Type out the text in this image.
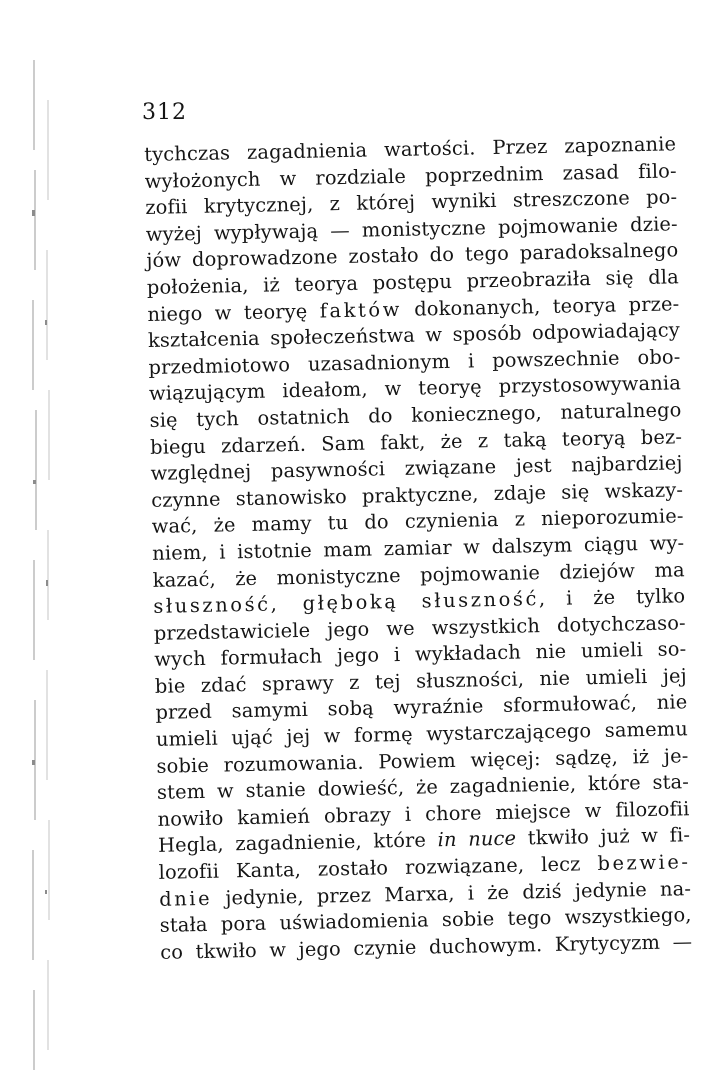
312
tychczas zagadnienia wartości. Przez zapoznanie
wyłożonych w rozdziale poprzednim zasad filo-
zofii krytycznej, z której wyniki streszczone po-
wyżej wypływają — monistyczne pojmowanie dzie-
jów doprowadzone zostało do tego paradoksalnego
położenia, iż teorya postępu przeobraziła się dla
niego w teoryę faktów dokonanych, teorya prze-
kształcenia społeczeństwa w sposób odpowiadający
przedmiotowo uzasadnionym i powszechnie obo-
wiązującym ideałom, w teoryę przystosowywania
się tych ostatnich do koniecznego, naturalnego
biegu zdarzeń. Sam fakt, że z taką teoryą bez-
względnej pasywności związane jest najbardziej
czynne stanowisko praktyczne, zdaje się wskazy-
wać, że mamy tu do czynienia z nieporozumie-
niem, i istotnie mam zamiar w dalszym ciągu wy-
kazać, że monistyczne pojmowanie dziejów ma
słuszność, głęboką słuszność, i że tylko
przedstawiciele jego we wszystkich dotychczaso-
wych formułach jego i wykładach nie umieli so-
bie zdać sprawy z tej słuszności, nie umieli jej
przed samymi sobą wyraźnie sformułować, nie
umieli ująć jej w formę wystarczającego samemu
sobie rozumowania. Powiem więcej: sądzę, iż je-
stem w stanie dowieść, że zagadnienie, które sta-
nowiło kamień obrazy i chore miejsce w filozofii
Hegla, zagadnienie, które in nuce tkwiło już w fi-
lozofii Kanta, zostało rozwiązane, lecz bezwie-
dnie jedynie, przez Marxa, i że dziś jedynie na-
stała pora uświadomienia sobie tego wszystkiego,
co tkwiło w jego czynie duchowym. Krytycyzm —
